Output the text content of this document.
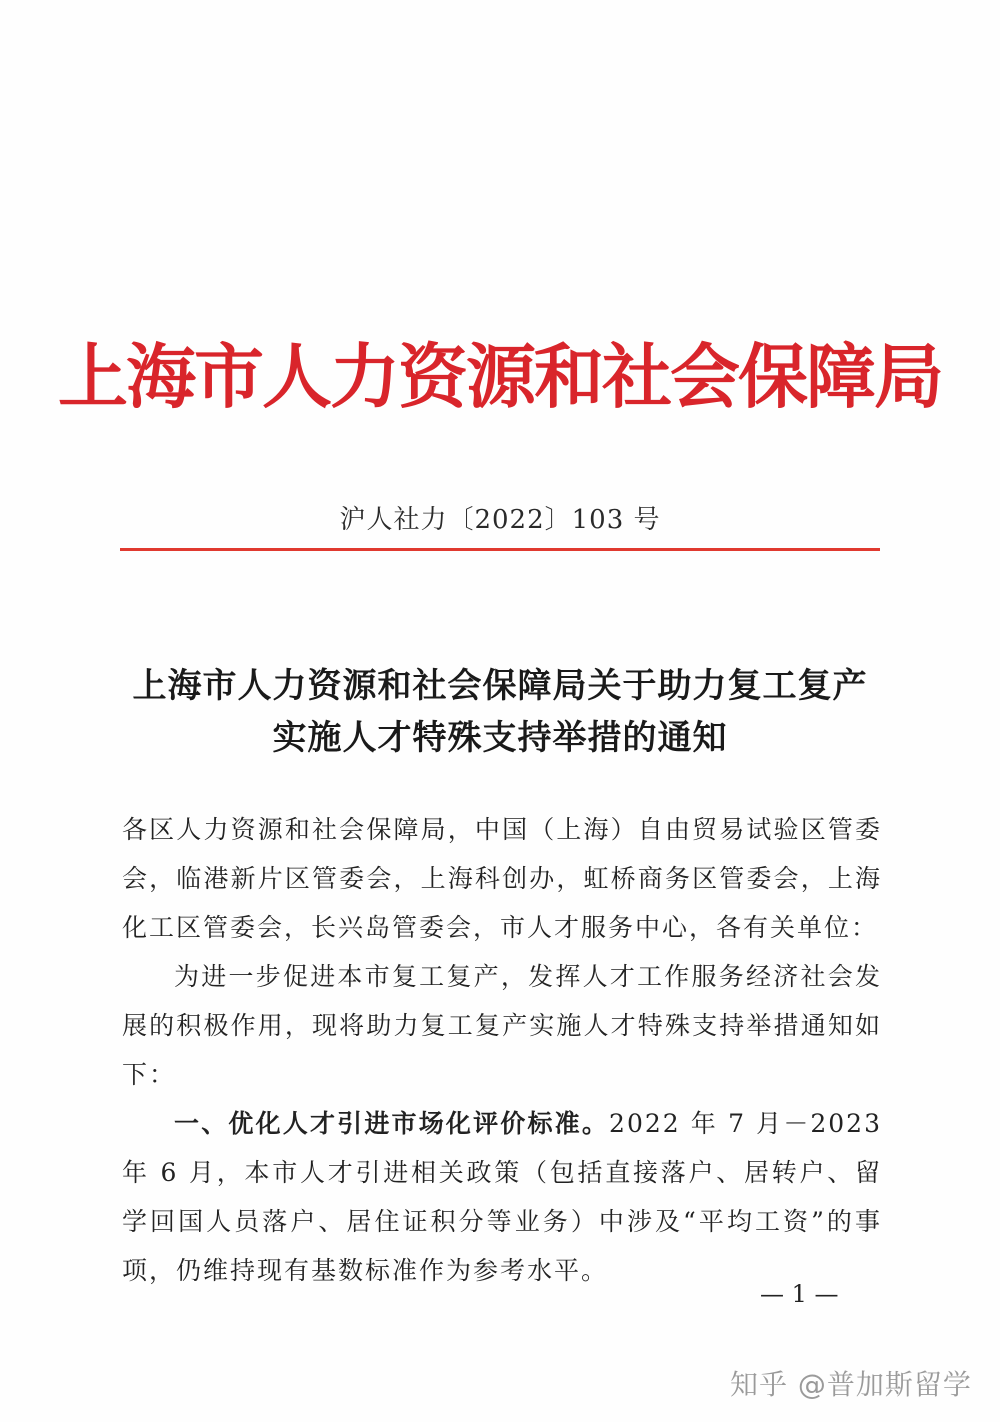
上海市人力资源和社会保障局
沪人社力〔2022〕103 号
上海市人力资源和社会保障局关于助力复工复产
实施人才特殊支持举措的通知

各区人力资源和社会保障局，中国（上海）自由贸易试验区管委会，临港新片区管委会，上海科创办，虹桥商务区管委会，上海化工区管委会，长兴岛管委会，市人才服务中心，各有关单位：

为进一步促进本市复工复产，发挥人才工作服务经济社会发展的积极作用，现将助力复工复产实施人才特殊支持举措通知如下：

一、优化人才引进市场化评价标准。2022 年 7 月－2023 年 6 月，本市人才引进相关政策（包括直接落户、居转户、留学回国人员落户、居住证积分等业务）中涉及“平均工资”的事项，仍维持现有基数标准作为参考水平。

— 1 —
知乎 @普加斯留学
